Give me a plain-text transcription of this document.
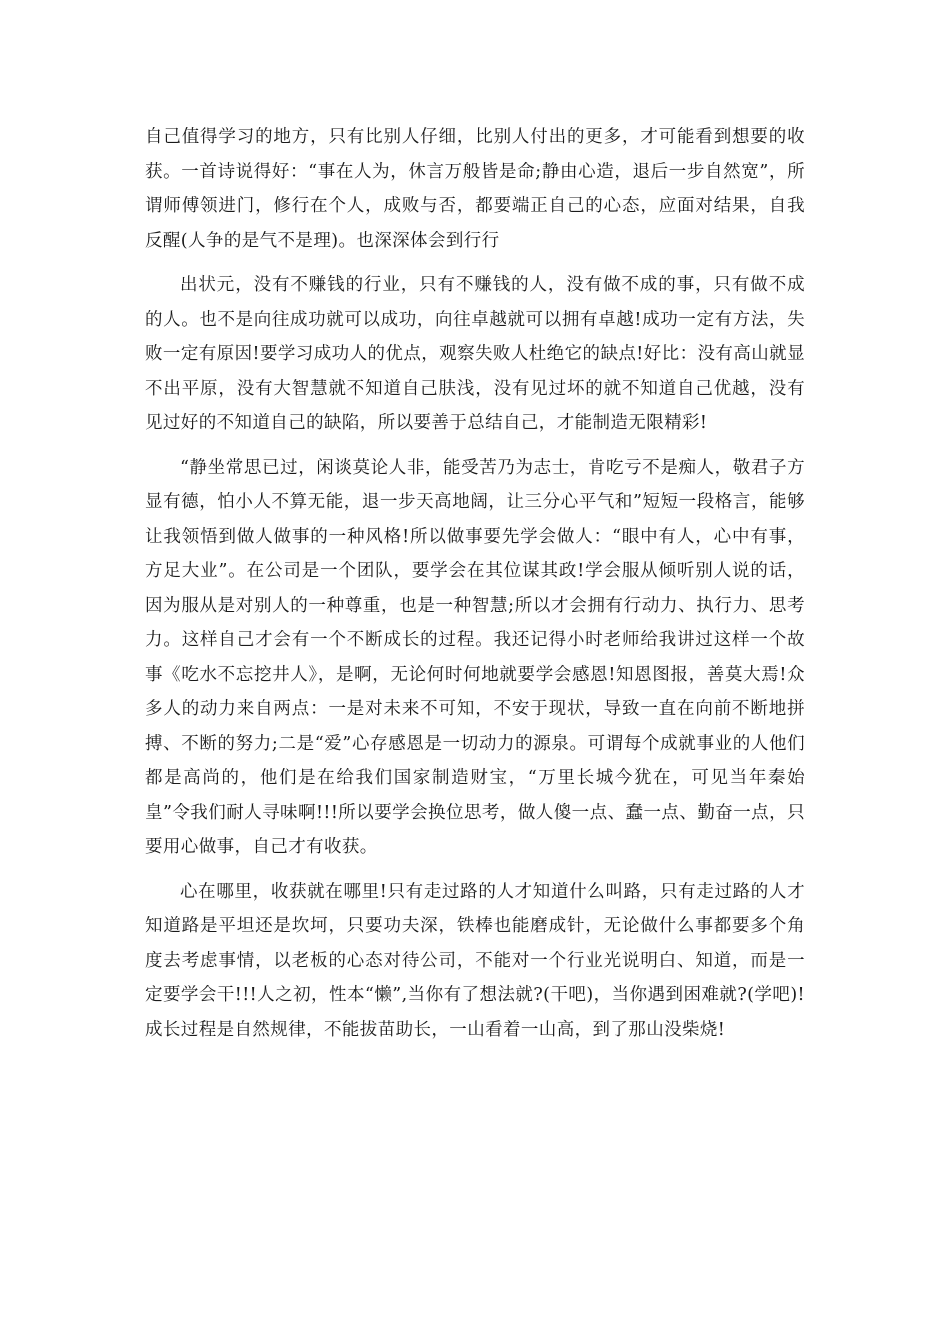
自己值得学习的地方，只有比别人仔细，比别人付出的更多，才可能看到想要的收获。一首诗说得好：“事在人为，休言万般皆是命;静由心造，退后一步自然宽”，所谓师傅领进门，修行在个人，成败与否，都要端正自己的心态，应面对结果，自我反醒(人争的是气不是理)。也深深体会到行行

出状元，没有不赚钱的行业，只有不赚钱的人，没有做不成的事，只有做不成的人。也不是向往成功就可以成功，向往卓越就可以拥有卓越!成功一定有方法，失败一定有原因!要学习成功人的优点，观察失败人杜绝它的缺点!好比：没有高山就显不出平原，没有大智慧就不知道自己肤浅，没有见过坏的就不知道自己优越，没有见过好的不知道自己的缺陷，所以要善于总结自己，才能制造无限精彩!

“静坐常思已过，闲谈莫论人非，能受苦乃为志士，肯吃亏不是痴人，敬君子方显有德，怕小人不算无能，退一步天高地阔，让三分心平气和”短短一段格言，能够让我领悟到做人做事的一种风格!所以做事要先学会做人：“眼中有人，心中有事，方足大业”。在公司是一个团队，要学会在其位谋其政!学会服从倾听别人说的话，因为服从是对别人的一种尊重，也是一种智慧;所以才会拥有行动力、执行力、思考力。这样自己才会有一个不断成长的过程。我还记得小时老师给我讲过这样一个故事《吃水不忘挖井人》，是啊，无论何时何地就要学会感恩!知恩图报，善莫大焉!众多人的动力来自两点：一是对未来不可知，不安于现状，导致一直在向前不断地拼搏、不断的努力;二是“爱”心存感恩是一切动力的源泉。可谓每个成就事业的人他们都是高尚的，他们是在给我们国家制造财宝，“万里长城今犹在，可见当年秦始皇”令我们耐人寻味啊!!!所以要学会换位思考，做人傻一点、蠢一点、勤奋一点，只要用心做事，自己才有收获。

心在哪里，收获就在哪里!只有走过路的人才知道什么叫路，只有走过路的人才知道路是平坦还是坎坷，只要功夫深，铁棒也能磨成针，无论做什么事都要多个角度去考虑事情，以老板的心态对待公司，不能对一个行业光说明白、知道，而是一定要学会干!!!人之初，性本“懒”,当你有了想法就?(干吧)，当你遇到困难就?(学吧)!成长过程是自然规律，不能拔苗助长，一山看着一山高，到了那山没柴烧!
